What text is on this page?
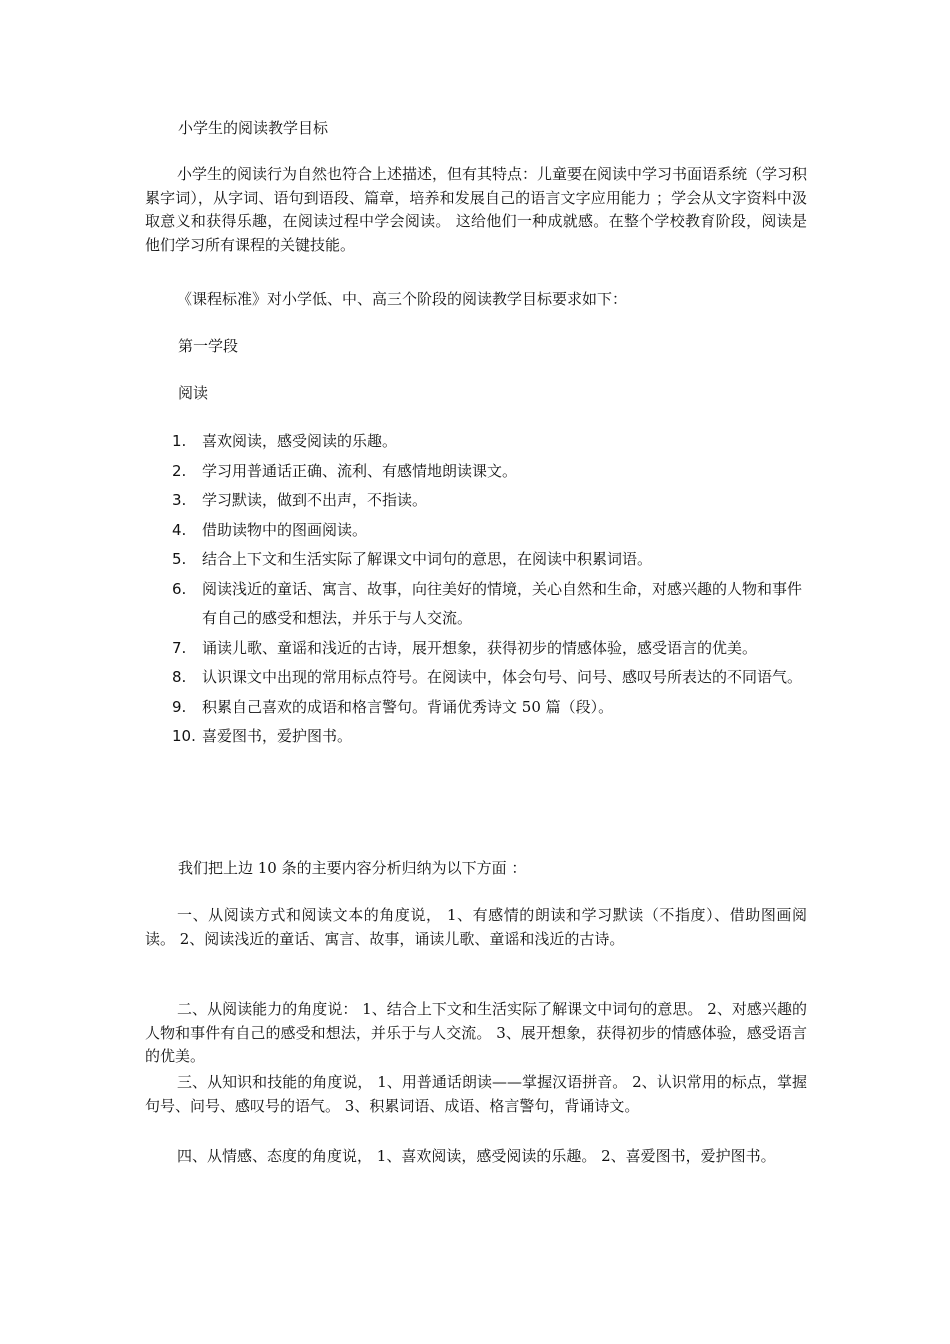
小学生的阅读教学目标

小学生的阅读行为自然也符合上述描述，但有其特点：儿童要在阅读中学习书面语系统（学习积累字词），从字词、语句到语段、篇章，培养和发展自己的语言文字应用能力 ；学会从文字资料中汲取意义和获得乐趣，在阅读过程中学会阅读。 这给他们一种成就感。在整个学校教育阶段，阅读是他们学习所有课程的关键技能。

《课程标准》对小学低、中、高三个阶段的阅读教学目标要求如下：

第一学段

阅读

1. 喜欢阅读，感受阅读的乐趣。
2. 学习用普通话正确、流利、有感情地朗读课文。
3. 学习默读，做到不出声，不指读。
4. 借助读物中的图画阅读。
5. 结合上下文和生活实际了解课文中词句的意思，在阅读中积累词语。
6. 阅读浅近的童话、寓言、故事，向往美好的情境，关心自然和生命，对感兴趣的人物和事件有自己的感受和想法，并乐于与人交流。
7. 诵读儿歌、童谣和浅近的古诗，展开想象，获得初步的情感体验，感受语言的优美。
8. 认识课文中出现的常用标点符号。在阅读中，体会句号、问号、感叹号所表达的不同语气。
9. 积累自己喜欢的成语和格言警句。背诵优秀诗文 50 篇（段）。
10. 喜爱图书，爱护图书。

我们把上边 10 条的主要内容分析归纳为以下方面 ：

一、从阅读方式和阅读文本的角度说， 1、有感情的朗读和学习默读（不指度）、借助图画阅读。 2、阅读浅近的童话、寓言、故事，诵读儿歌、童谣和浅近的古诗。

二、从阅读能力的角度说： 1、结合上下文和生活实际了解课文中词句的意思。 2、对感兴趣的人物和事件有自己的感受和想法，并乐于与人交流。 3、展开想象，获得初步的情感体验，感受语言的优美。

三、从知识和技能的角度说， 1、用普通话朗读——掌握汉语拼音。 2、认识常用的标点，掌握句号、问号、感叹号的语气。 3、积累词语、成语、格言警句，背诵诗文。

四、从情感、态度的角度说， 1、喜欢阅读，感受阅读的乐趣。 2、喜爱图书，爱护图书。
